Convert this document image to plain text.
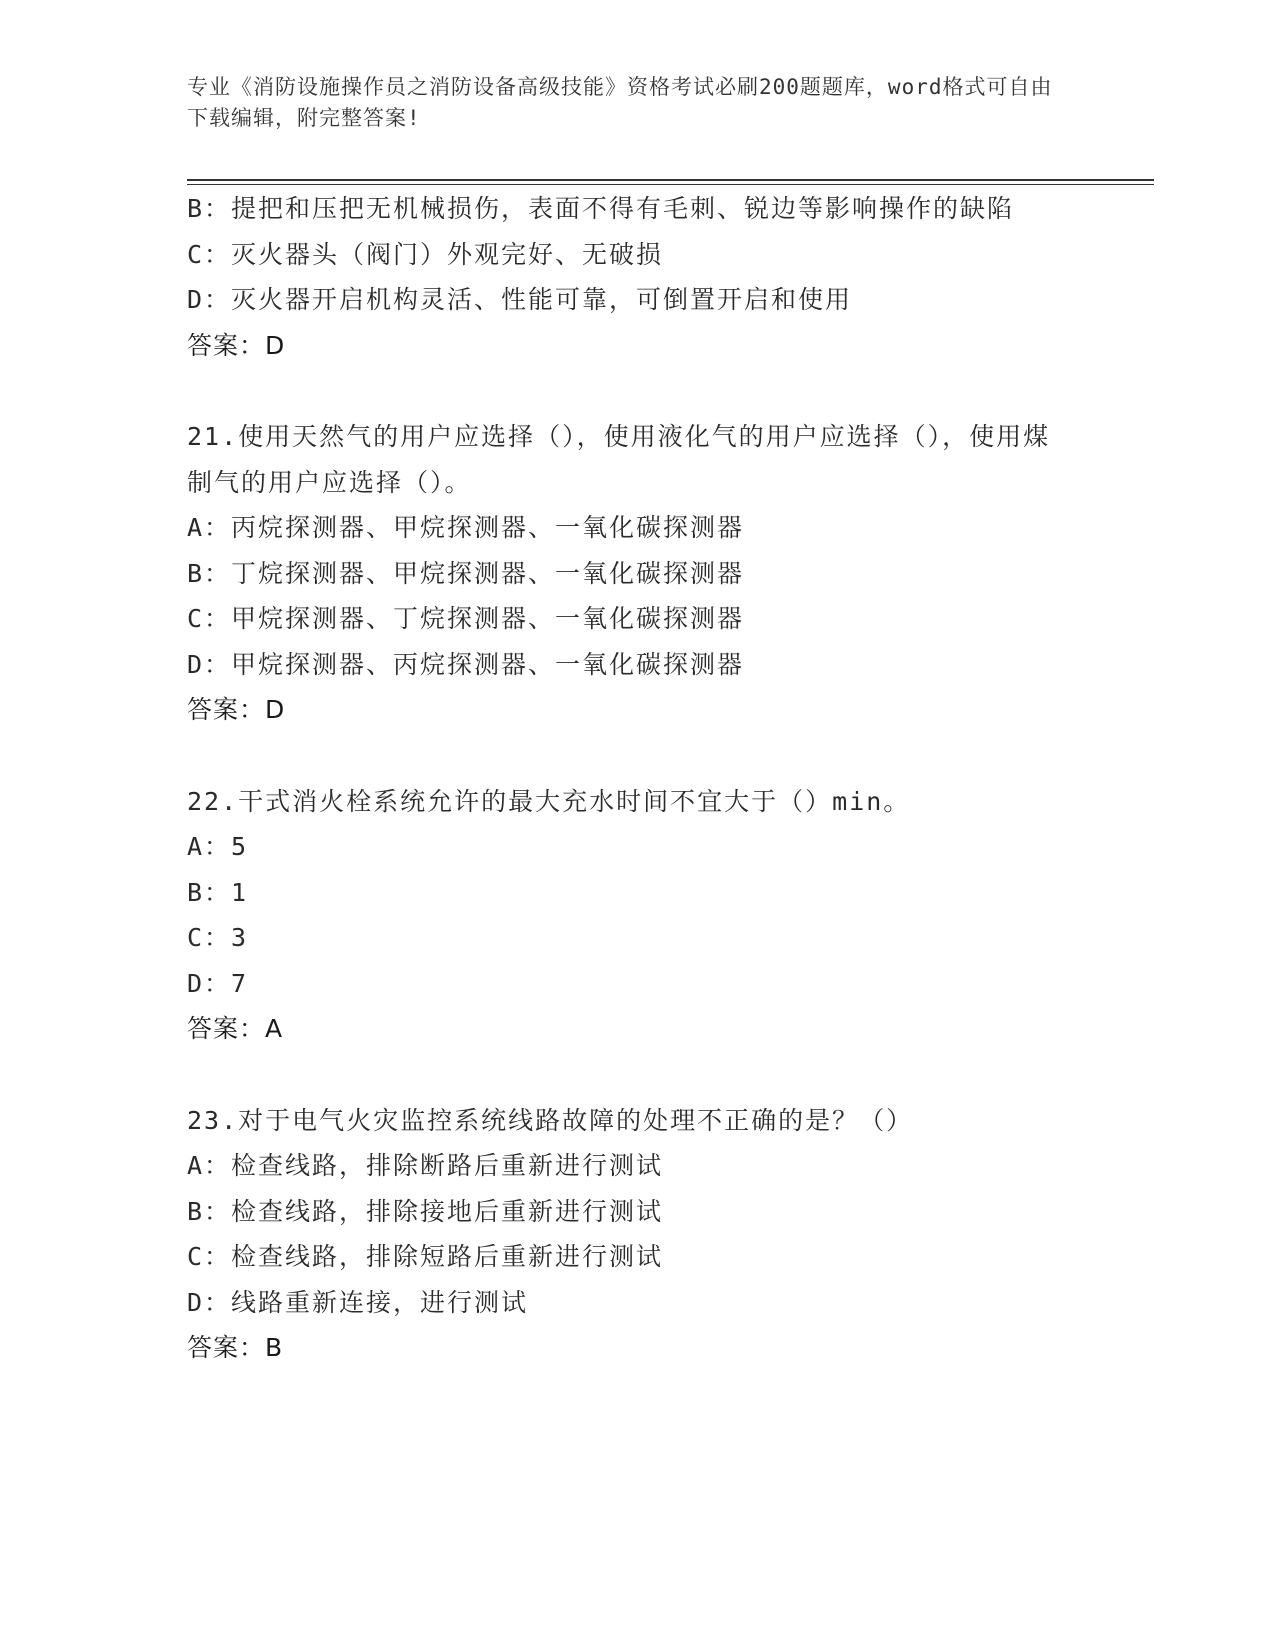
专业《消防设施操作员之消防设备高级技能》资格考试必刷200题题库，word格式可自由下载编辑，附完整答案!
B：提把和压把无机械损伤，表面不得有毛刺、锐边等影响操作的缺陷
C：灭火器头（阀门）外观完好、无破损
D：灭火器开启机构灵活、性能可靠，可倒置开启和使用
答案：D
21.使用天然气的用户应选择（），使用液化气的用户应选择（），使用煤制气的用户应选择（）。
A：丙烷探测器、甲烷探测器、一氧化碳探测器
B：丁烷探测器、甲烷探测器、一氧化碳探测器
C：甲烷探测器、丁烷探测器、一氧化碳探测器
D：甲烷探测器、丙烷探测器、一氧化碳探测器
答案：D
22.干式消火栓系统允许的最大充水时间不宜大于（）min。
A：5
B：1
C：3
D：7
答案：A
23.对于电气火灾监控系统线路故障的处理不正确的是？（）
A：检查线路，排除断路后重新进行测试
B：检查线路，排除接地后重新进行测试
C：检查线路，排除短路后重新进行测试
D：线路重新连接，进行测试
答案：B
